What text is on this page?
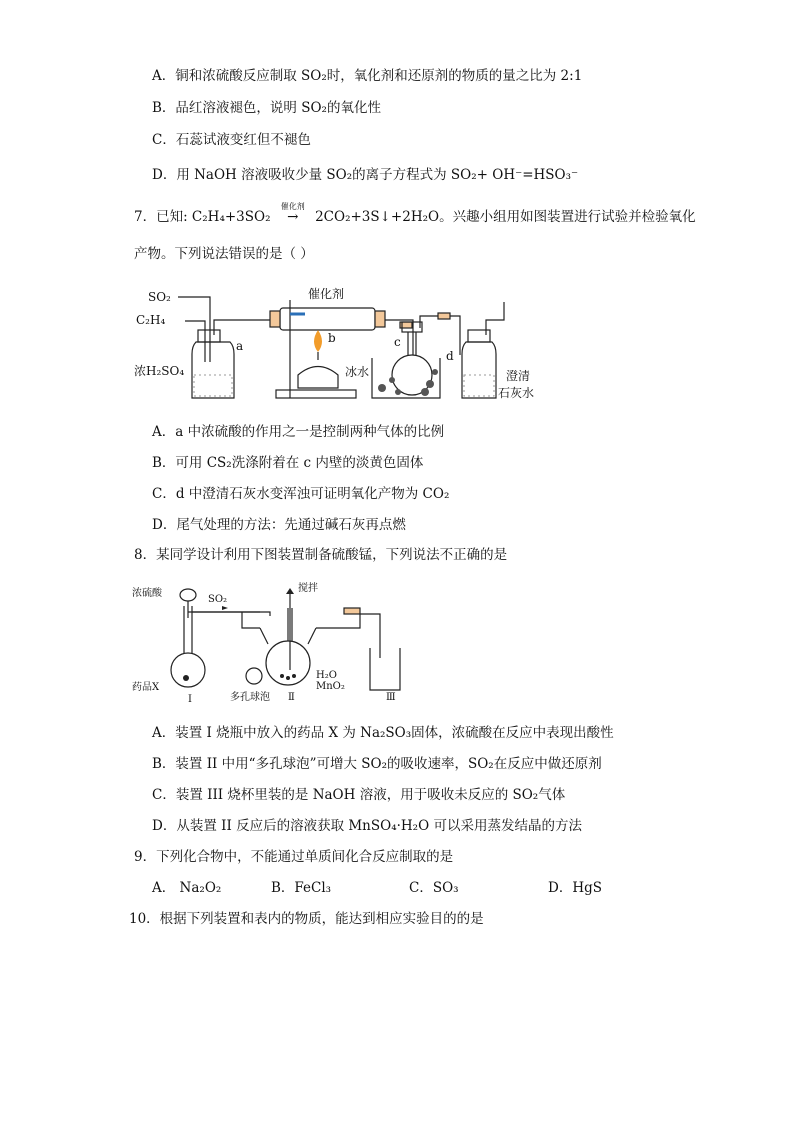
A．铜和浓硫酸反应制取 SO₂时，氧化剂和还原剂的物质的量之比为 2:1
B．品红溶液褪色，说明 SO₂的氧化性
C．石蕊试液变红但不褪色
D．用 NaOH 溶液吸收少量 SO₂的离子方程式为 SO₂+ OH⁻=HSO₃⁻
7．已知: C₂H₄+3SO₂
催化剂
→ 2CO₂+3S↓+2H₂O。兴趣小组用如图装置进行试验并检验氧化
产物。下列说法错误的是（ ）
SO₂
C₂H₄
催化剂
a
b	c
d
浓H₂SO₄	冰水	澄清
石灰水
A．a 中浓硫酸的作用之一是控制两种气体的比例
B．可用 CS₂洗涤附着在 c 内壁的淡黄色固体
C．d 中澄清石灰水变浑浊可证明氧化产物为 CO₂
D．尾气处理的方法：先通过碱石灰再点燃
8．某同学设计利用下图装置制备硫酸锰，下列说法不正确的是
浓硫酸
SO₂
搅拌
药品X
多孔球泡
H₂O
MnO₂
Ⅰ	Ⅱ	Ⅲ
A．装置 I 烧瓶中放入的药品 X 为 Na₂SO₃固体，浓硫酸在反应中表现出酸性
B．装置 II 中用“多孔球泡”可增大 SO₂的吸收速率，SO₂在反应中做还原剂
C．装置 III 烧杯里装的是 NaOH 溶液，用于吸收未反应的 SO₂气体
D．从装置 II 反应后的溶液获取 MnSO₄·H₂O 可以采用蒸发结晶的方法
9．下列化合物中，不能通过单质间化合反应制取的是
A． Na₂O₂	B．FeCl₃	C．SO₃	D．HgS
10．根据下列装置和表内的物质，能达到相应实验目的的是
